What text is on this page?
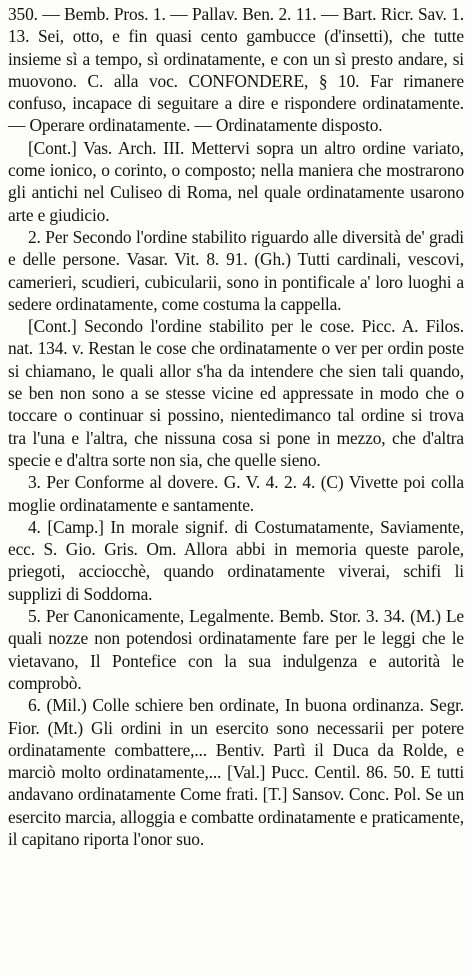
350. — Bemb. Pros. 1. — Pallav. Ben. 2. 11. — Bart. Ricr. Sav. 1. 13. Sei, otto, e fin quasi cento gambucce (d'insetti), che tutte insieme sì a tempo, sì ordinatamente, e con un sì presto andare, si muovono. C. alla voc. CONFONDERE, § 10. Far rimanere confuso, incapace di seguitare a dire e rispondere ordinatamente. — Operare ordinatamente. — Ordinatamente disposto.

[Cont.] Vas. Arch. III. Mettervi sopra un altro ordine variato, come ionico, o corinto, o composto; nella maniera che mostrarono gli antichi nel Culiseo di Roma, nel quale ordinatamente usarono arte e giudicio.

2. Per Secondo l'ordine stabilito riguardo alle diversità de' gradi e delle persone. Vasar. Vit. 8. 91. (Gh.) Tutti cardinali, vescovi, camerieri, scudieri, cubicularii, sono in pontificale a' loro luoghi a sedere ordinatamente, come costuma la cappella.

[Cont.] Secondo l'ordine stabilito per le cose. Picc. A. Filos. nat. 134. v. Restan le cose che ordinatamente o ver per ordin poste si chiamano, le quali allor s'ha da intendere che sien tali quando, se ben non sono a se stesse vicine ed appressate in modo che o toccare o continuar si possino, nientedimanco tal ordine si trova tra l'una e l'altra, che nissuna cosa si pone in mezzo, che d'altra specie e d'altra sorte non sia, che quelle sieno.

3. Per Conforme al dovere. G. V. 4. 2. 4. (C) Vivette poi colla moglie ordinatamente e santamente.

4. [Camp.] In morale signif. di Costumatamente, Saviamente, ecc. S. Gio. Gris. Om. Allora abbi in memoria queste parole, priegoti, acciocchè, quando ordinatamente viverai, schifi li supplizi di Soddoma.

5. Per Canonicamente, Legalmente. Bemb. Stor. 3. 34. (M.) Le quali nozze non potendosi ordinatamente fare per le leggi che le vietavano, Il Pontefice con la sua indulgenza e autorità le comprobò.

6. (Mil.) Colle schiere ben ordinate, In buona ordinanza. Segr. Fior. (Mt.) Gli ordini in un esercito sono necessarii per potere ordinatamente combattere,... Bentiv. Partì il Duca da Rolde, e marciò molto ordinatamente,... [Val.] Pucc. Centil. 86. 50. E tutti andavano ordinatamente Come frati. [T.] Sansov. Conc. Pol. Se un esercito marcia, alloggia e combatte ordinatamente e praticamente, il capitano riporta l'onor suo.
